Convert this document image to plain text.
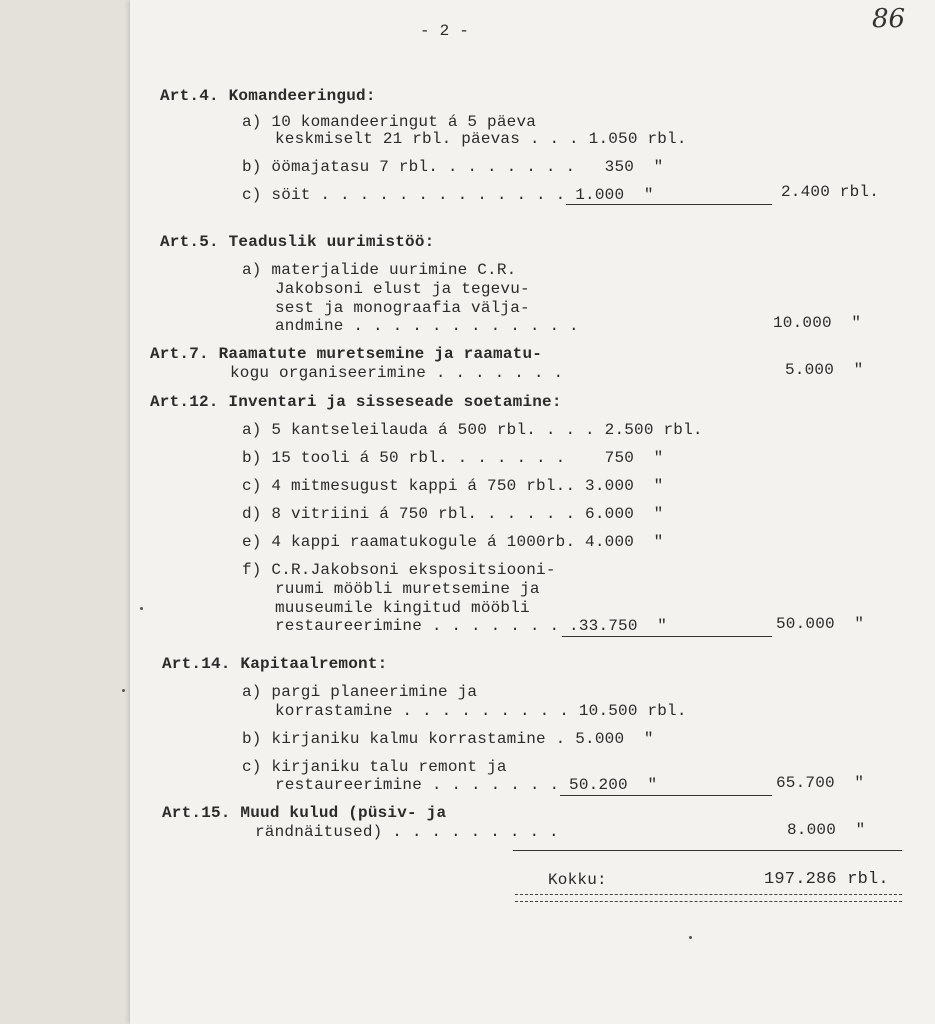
- 2 -	86
Art.4. Komandeeringud:
a) 10 komandeeringut á 5 päeva
keskmiselt 21 rbl. päevas . . . 1.050 rbl.
b) öömajatasu 7 rbl. . . . . . . .   350  "
c) söit . . . . . . . . . . . . . 1.000  "	2.400 rbl.
Art.5. Teaduslik uurimistöö:
a) materjalide uurimine C.R.
Jakobsoni elust ja tegevu-
sest ja monograafia välja-
andmine . . . . . . . . . . . .	10.000  "
Art.7. Raamatute muretsemine ja raamatu-
kogu organiseerimine . . . . . . .	5.000  "
Art.12. Inventari ja sisseseade soetamine:
a) 5 kantseleilauda á 500 rbl. . . . 2.500 rbl.
b) 15 tooli á 50 rbl. . . . . . .    750  "
c) 4 mitmesugust kappi á 750 rbl.. 3.000  "
d) 8 vitriini á 750 rbl. . . . . . 6.000  "
e) 4 kappi raamatukogule á 1000rb. 4.000  "
f) C.R.Jakobsoni ekspositsiooni-
ruumi mööbli muretsemine ja
muuseumile kingitud mööbli
restaureerimine . . . . . . . .33.750  "	50.000  "
Art.14. Kapitaalremont:
a) pargi planeerimine ja
korrastamine . . . . . . . . . 10.500 rbl.
b) kirjaniku kalmu korrastamine . 5.000  "
c) kirjaniku talu remont ja
restaureerimine . . . . . . . 50.200  "	65.700  "
Art.15. Muud kulud (püsiv- ja
rändnäitused) . . . . . . . . .	8.000  "
Kokku:	197.286 rbl.
